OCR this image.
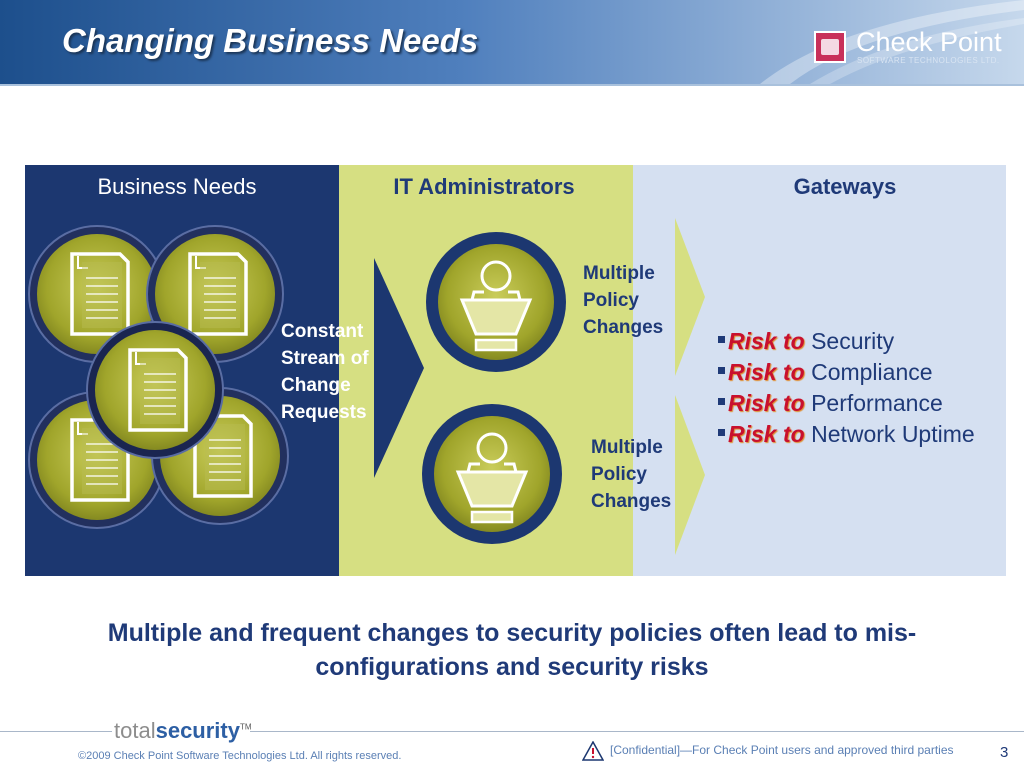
Changing Business Needs	Check Point
SOFTWARE TECHNOLOGIES LTD.
Business Needs	IT Administrators	Gateways
Constant Stream of Change Requests
Multiple Policy Changes
Multiple Policy Changes
Risk to Security
Risk to Compliance
Risk to Performance
Risk to Network Uptime
Multiple and frequent changes to security policies often lead to mis-configurations and security risks
totalsecurity™
©2009 Check Point Software Technologies Ltd. All rights reserved.	[Confidential]—For Check Point users and approved third parties	3
